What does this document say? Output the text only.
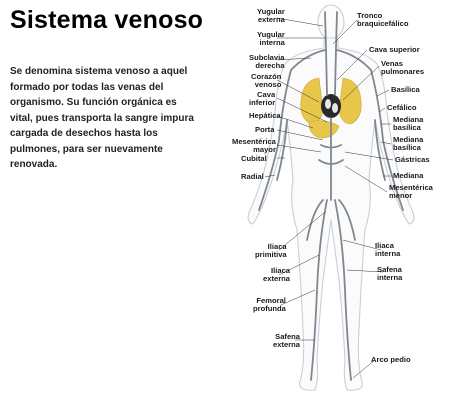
Sistema venoso

Se denomina sistema venoso a aquel formado por todas las venas del organismo. Su función orgánica es vital, pues transporta la sangre impura cargada de desechos hasta los pulmones, para ser nuevamente renovada.

Yugular
externa
Yugular
interna
Subclavia
derecha
Corazón
venoso
Cava
inferior
Hepática
Porta
Mesentérica
mayor
Cubital
Radial
Iliaca
primitiva
Iliaca
externa
Femoral
profunda
Safena
externa
Tronco
braquicefálico
Cava superior
Venas
pulmonares
Basílica
Cefálico
Mediana
basílica
Mediana
basílica
Gástricas
Mediana
Mesentérica
menor
Iliaca
interna
Safena
interna
Arco pedio
